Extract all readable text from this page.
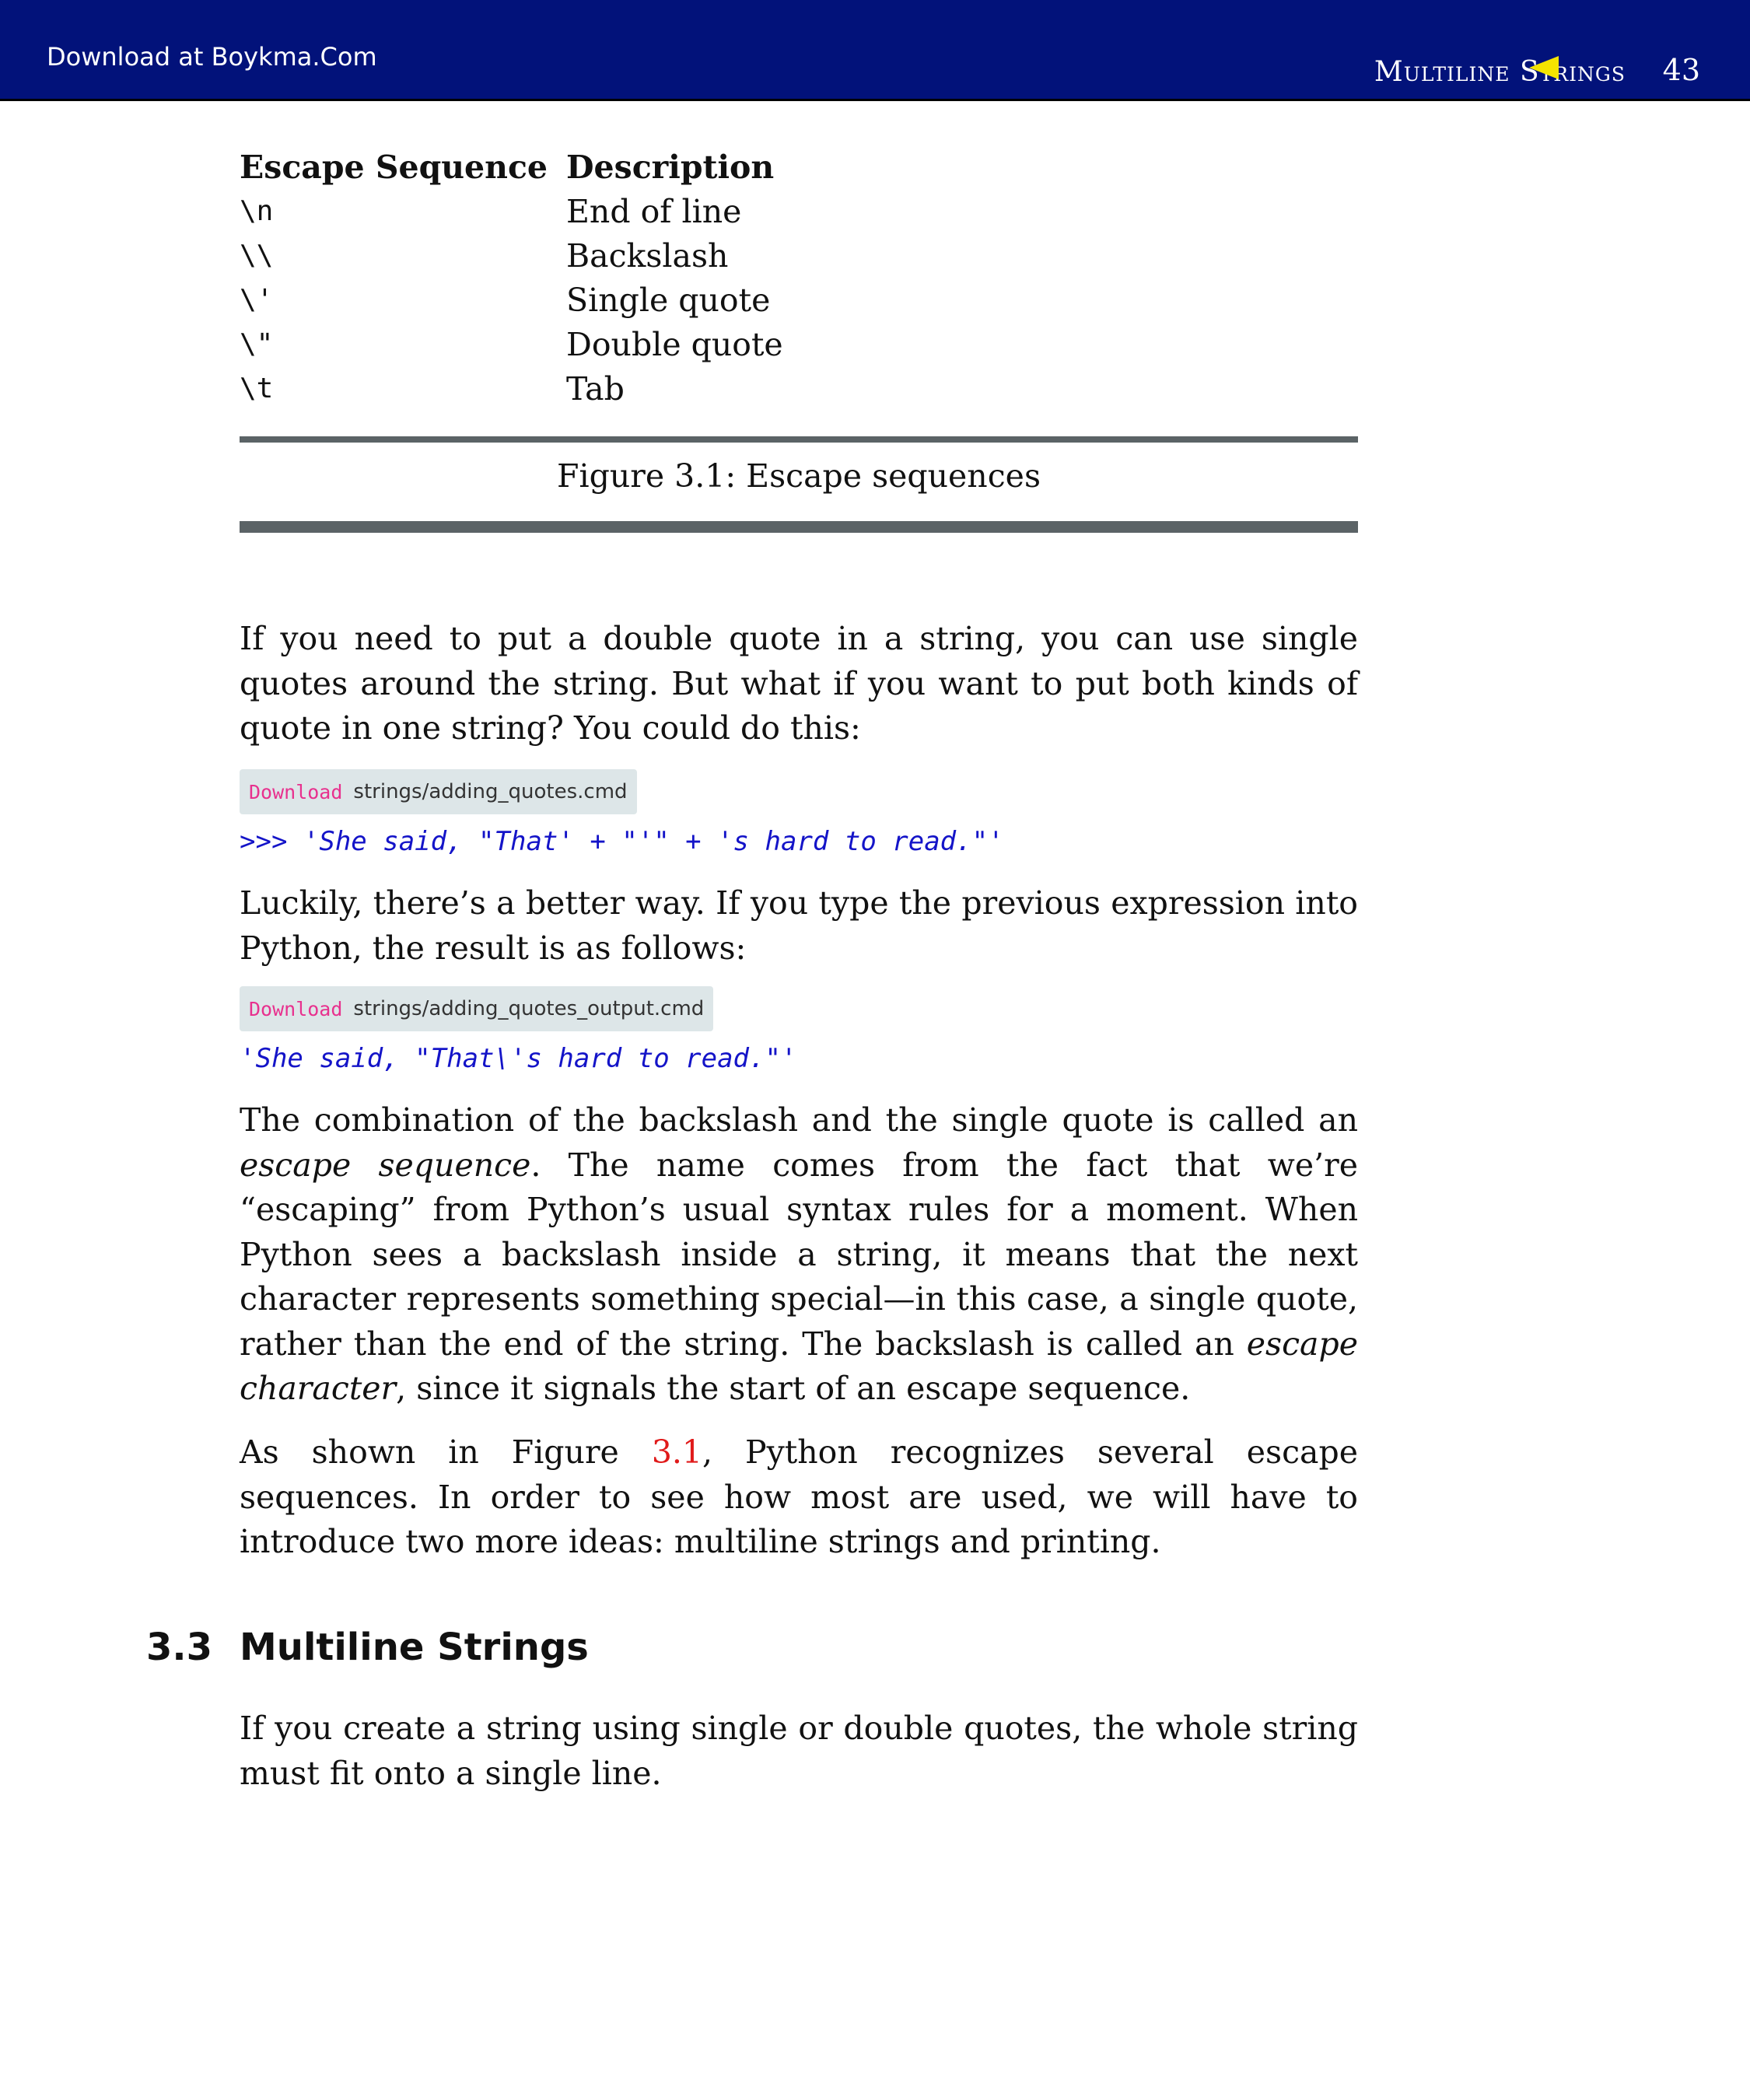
Download at Boykma.Com	Multiline Strings 43
Escape Sequence	Description
\n	End of line
\\	Backslash
\'	Single quote
\"	Double quote
\t	Tab
Figure 3.1: Escape sequences

If you need to put a double quote in a string, you can use single quotes around the string. But what if you want to put both kinds of quote in one string? You could do this:

Download strings/adding_quotes.cmd
>>> 'She said, "That' + "'" + 's hard to read."'

Luckily, there’s a better way. If you type the previous expression into Python, the result is as follows:

Download strings/adding_quotes_output.cmd
'She said, "That\'s hard to read."'

The combination of the backslash and the single quote is called an escape sequence. The name comes from the fact that we’re “escaping” from Python’s usual syntax rules for a moment. When Python sees a backslash inside a string, it means that the next character represents something special—in this case, a single quote, rather than the end of the string. The backslash is called an escape character, since it signals the start of an escape sequence.

As shown in Figure 3.1, Python recognizes several escape sequences. In order to see how most are used, we will have to introduce two more ideas: multiline strings and printing.

3.3 Multiline Strings

If you create a string using single or double quotes, the whole string must fit onto a single line.
